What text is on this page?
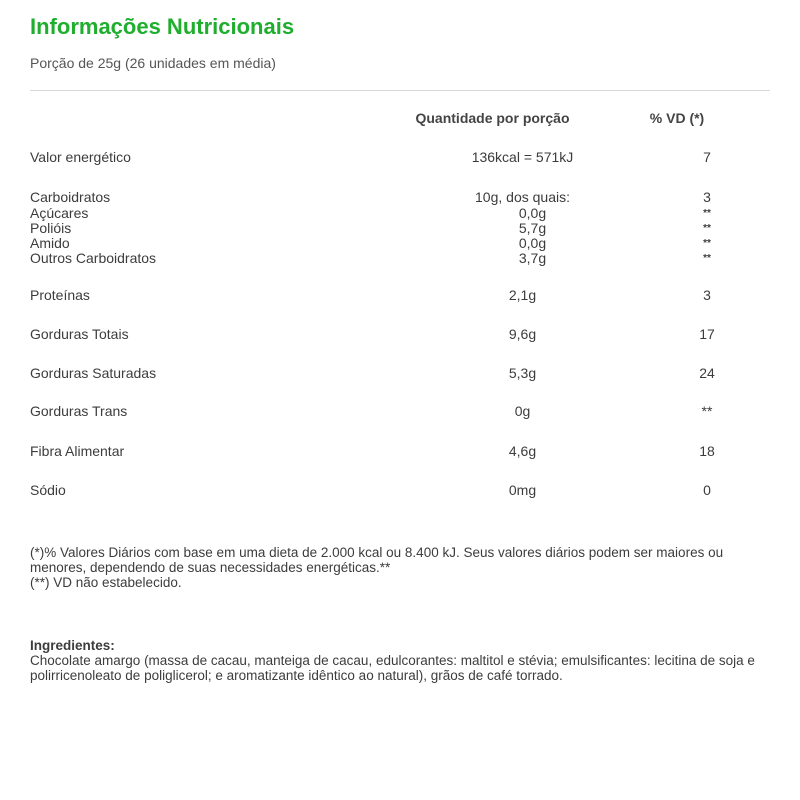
Informações Nutricionais
Porção de 25g (26 unidades em média)
Quantidade por porção	% VD (*)
Valor energético	136kcal = 571kJ	7
Carboidratos	10g, dos quais:	3
Açúcares	0,0g	**
Polióis	5,7g	**
Amido	0,0g	**
Outros Carboidratos	3,7g	**
Proteínas	2,1g	3
Gorduras Totais	9,6g	17
Gorduras Saturadas	5,3g	24
Gorduras Trans	0g	**
Fibra Alimentar	4,6g	18
Sódio	0mg	0
(*)% Valores Diários com base em uma dieta de 2.000 kcal ou 8.400 kJ. Seus valores diários podem ser maiores ou menores, dependendo de suas necessidades energéticas.**
(**) VD não estabelecido.
Ingredientes:
Chocolate amargo (massa de cacau, manteiga de cacau, edulcorantes: maltitol e stévia; emulsificantes: lecitina de soja e polirricenoleato de poliglicerol; e aromatizante idêntico ao natural), grãos de café torrado.
